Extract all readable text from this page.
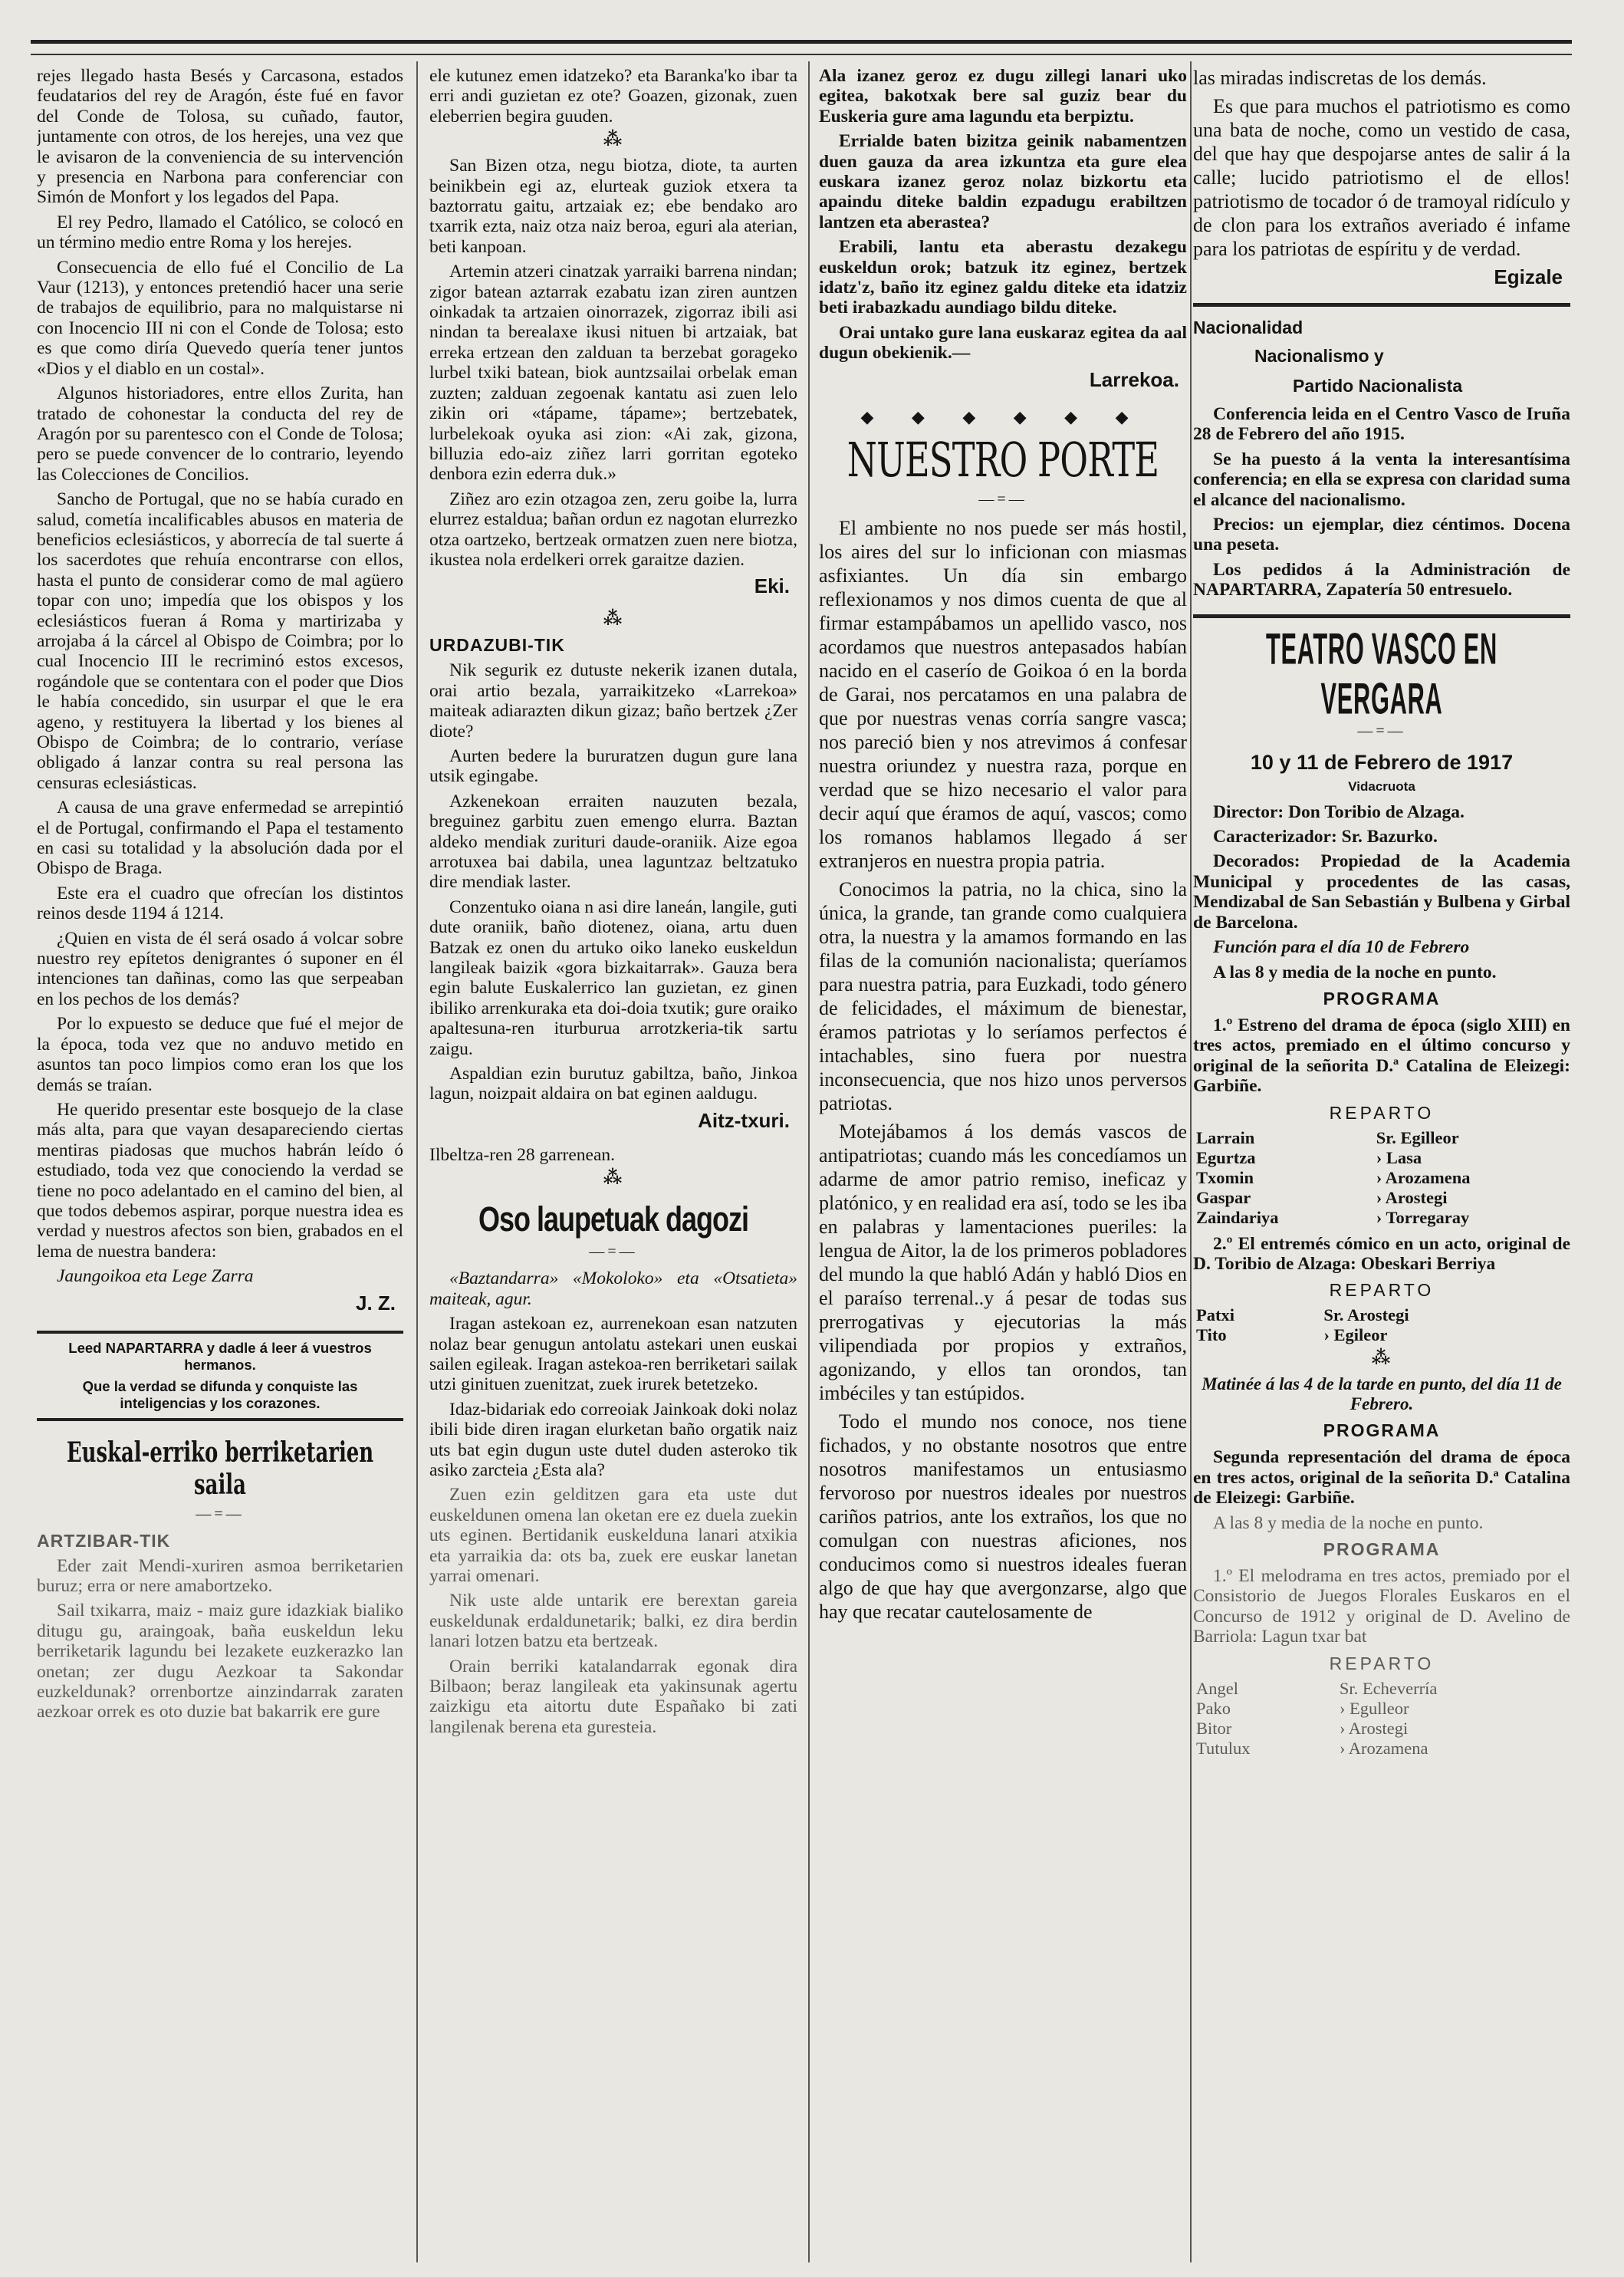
rejes llegado hasta Besés y Carcasona, estados feudatarios del rey de Aragón, éste fué en favor del Conde de Tolosa, su cuñado, fautor, juntamente con otros, de los herejes, una vez que le avisaron de la conveniencia de su intervención y presencia en Narbona para conferenciar con Simón de Monfort y los legados del Papa.

El rey Pedro, llamado el Católico, se colocó en un término medio entre Roma y los herejes.

Consecuencia de ello fué el Concilio de La Vaur (1213), y entonces pretendió hacer una serie de trabajos de equilibrio, para no malquistarse ni con Inocencio III ni con el Conde de Tolosa; esto es que como diría Quevedo quería tener juntos «Dios y el diablo en un costal».

Algunos historiadores, entre ellos Zurita, han tratado de cohonestar la conducta del rey de Aragón por su parentesco con el Conde de Tolosa; pero se puede convencer de lo contrario, leyendo las Colecciones de Concilios.

Sancho de Portugal, que no se había curado en salud, cometía incalificables abusos en materia de beneficios eclesiásticos, y aborrecía de tal suerte á los sacerdotes que rehuía encontrarse con ellos, hasta el punto de considerar como de mal agüero topar con uno; impedía que los obispos y los eclesiásticos fueran á Roma y martirizaba y arrojaba á la cárcel al Obispo de Coimbra; por lo cual Inocencio III le recriminó estos excesos, rogándole que se contentara con el poder que Dios le había concedido, sin usurpar el que le era ageno, y restituyera la libertad y los bienes al Obispo de Coimbra; de lo contrario, veríase obligado á lanzar contra su real persona las censuras eclesiásticas.

A causa de una grave enfermedad se arrepintió el de Portugal, confirmando el Papa el testamento en casi su totalidad y la absolución dada por el Obispo de Braga.

Este era el cuadro que ofrecían los distintos reinos desde 1194 á 1214.

¿Quien en vista de él será osado á volcar sobre nuestro rey epítetos denigrantes ó suponer en él intenciones tan dañinas, como las que serpeaban en los pechos de los demás?

Por lo expuesto se deduce que fué el mejor de la época, toda vez que no anduvo metido en asuntos tan poco limpios como eran los que los demás se traían.

He querido presentar este bosquejo de la clase más alta, para que vayan desapareciendo ciertas mentiras piadosas que muchos habrán leído ó estudiado, toda vez que conociendo la verdad se tiene no poco adelantado en el camino del bien, al que todos debemos aspirar, porque nuestra idea es verdad y nuestros afectos son bien, grabados en el lema de nuestra bandera:

Jaungoikoa eta Lege Zarra

J. Z.
Leed NAPARTARRA y dadle á leer á vuestros hermanos.
Que la verdad se difunda y conquiste las inteligencias y los corazones.
Euskal-erriko berriketarien saila
—=—
ARTZIBAR-TIK

Eder zait Mendi-xuriren asmoa berriketarien buruz; erra or nere amabortzeko.

Sail txikarra, maiz - maiz gure idazkiak bialiko ditugu gu, araingoak, baña euskeldun leku berriketarik lagundu bei lezakete euzkerazko lan onetan; zer dugu Aezkoar ta Sakondar euzkeldunak? orrenbortze ainzindarrak zaraten aezkoar orrek es oto duzie bat bakarrik ere gure

ele kutunez emen idatzeko? eta Baranka'ko ibar ta erri andi guzietan ez ote? Goazen, gizonak, zuen eleberrien begira guuden.

⁂

San Bizen otza, negu biotza, diote, ta aurten beinikbein egi az, elurteak guziok etxera ta baztorratu gaitu, artzaiak ez; ebe bendako aro txarrik ezta, naiz otza naiz beroa, eguri ala aterian, beti kanpoan.

Artemin atzeri cinatzak yarraiki barrena nindan; zigor batean aztarrak ezabatu izan ziren auntzen oinkadak ta artzaien oinorrazek, zigorraz ibili asi nindan ta berealaxe ikusi nituen bi artzaiak, bat erreka ertzean den zalduan ta berzebat gorageko lurbel txiki batean, biok auntzsailai orbelak eman zuzten; zalduan zegoenak kantatu asi zuen lelo zikin ori «tápame, tápame»; bertzebatek, lurbelekoak oyuka asi zion: «Ai zak, gizona, billuzia edo-aiz ziñez larri gorritan egoteko denbora ezin ederra duk.»

Ziñez aro ezin otzagoa zen, zeru goibe la, lurra elurrez estaldua; bañan ordun ez nagotan elurrezko otza oartzeko, bertzeak ormatzen zuen nere biotza, ikustea nola erdelkeri orrek garaitze dazien.

Eki.
⁂
URDAZUBI-TIK

Nik segurik ez dutuste nekerik izanen dutala, orai artio bezala, yarraikitzeko «Larrekoa» maiteak adiarazten dikun gizaz; baño bertzek ¿Zer diote?

Aurten bedere la bururatzen dugun gure lana utsik egingabe.

Azkenekoan erraiten nauzuten bezala, breguinez garbitu zuen emengo elurra. Baztan aldeko mendiak zurituri daude-oraniik. Aize egoa arrotuxea bai dabila, unea laguntzaz beltzatuko dire mendiak laster.

Conzentuko oiana n asi dire laneán, langile, guti dute oraniik, baño diotenez, oiana, artu duen Batzak ez onen du artuko oiko laneko euskeldun langileak baizik «gora bizkaitarrak». Gauza bera egin balute Euskalerrico lan guzietan, ez ginen ibiliko arrenkuraka eta doi-doia txutik; gure oraiko apaltesuna-ren iturburua arrotzkeria-tik sartu zaigu.

Aspaldian ezin burutuz gabiltza, baño, Jinkoa lagun, noizpait aldaira on bat eginen aaldugu.

Aitz-txuri.

Ilbeltza-ren 28 garrenean.

⁂
Oso laupetuak dagozi
—=—

«Baztandarra» «Mokoloko» eta «Otsatieta» maiteak, agur.

Iragan astekoan ez, aurrenekoan esan natzuten nolaz bear genugun antolatu astekari unen euskai sailen egileak. Iragan astekoa-ren berriketari sailak utzi ginituen zuenitzat, zuek irurek betetzeko.

Idaz-bidariak edo correoiak Jainkoak doki nolaz ibili bide diren iragan elurketan baño orgatik naiz uts bat egin dugun uste dutel duden asteroko tik asiko zarcteia ¿Esta ala?

Zuen ezin gelditzen gara eta uste dut euskeldunen omena lan oketan ere ez duela zuekin uts eginen. Bertidanik euskelduna lanari atxikia eta yarraikia da: ots ba, zuek ere euskar lanetan yarrai omenari.

Nik uste alde untarik ere berextan gareia euskeldunak erdaldunetarik; balki, ez dira berdin lanari lotzen batzu eta bertzeak.

Orain berriki katalandarrak egonak dira Bilbaon; beraz langileak eta yakinsunak agertu zaizkigu eta aitortu dute Españako bi zati langilenak berena eta guresteia.

Ala izanez geroz ez dugu zillegi lanari uko egitea, bakotxak bere sal guziz bear du Euskeria gure ama lagundu eta berpiztu.

Errialde baten bizitza geinik nabamentzen duen gauza da area izkuntza eta gure elea euskara izanez geroz nolaz bizkortu eta apaindu diteke baldin ezpadugu erabiltzen lantzen eta aberastea?

Erabili, lantu eta aberastu dezakegu euskeldun orok; batzuk itz eginez, bertzek idatz'z, baño itz eginez galdu diteke eta idatziz beti irabazkadu aundiago bildu diteke.

Orai untako gure lana euskaraz egitea da aal dugun obekienik.—

Larrekoa.
◆ ◆ ◆ ◆ ◆ ◆
NUESTRO PORTE
—=—

El ambiente no nos puede ser más hostil, los aires del sur lo inficionan con miasmas asfixiantes. Un día sin embargo reflexionamos y nos dimos cuenta de que al firmar estampábamos un apellido vasco, nos acordamos que nuestros antepasados habían nacido en el caserío de Goikoa ó en la borda de Garai, nos percatamos en una palabra de que por nuestras venas corría sangre vasca; nos pareció bien y nos atrevimos á confesar nuestra oriundez y nuestra raza, porque en verdad que se hizo necesario el valor para decir aquí que éramos de aquí, vascos; como los romanos hablamos llegado á ser extranjeros en nuestra propia patria.

Conocimos la patria, no la chica, sino la única, la grande, tan grande como cualquiera otra, la nuestra y la amamos formando en las filas de la comunión nacionalista; queríamos para nuestra patria, para Euzkadi, todo género de felicidades, el máximum de bienestar, éramos patriotas y lo seríamos perfectos é intachables, sino fuera por nuestra inconsecuencia, que nos hizo unos perversos patriotas.

Motejábamos á los demás vascos de antipatriotas; cuando más les concedíamos un adarme de amor patrio remiso, ineficaz y platónico, y en realidad era así, todo se les iba en palabras y lamentaciones pueriles: la lengua de Aitor, la de los primeros pobladores del mundo la que habló Adán y habló Dios en el paraíso terrenal..y á pesar de todas sus prerrogativas y ejecutorias la más vilipendiada por propios y extraños, agonizando, y ellos tan orondos, tan imbéciles y tan estúpidos.

Todo el mundo nos conoce, nos tiene fichados, y no obstante nosotros que entre nosotros manifestamos un entusiasmo fervoroso por nuestros ideales por nuestros cariños patrios, ante los extraños, los que no comulgan con nuestras aficiones, nos conducimos como si nuestros ideales fueran algo de que hay que avergonzarse, algo que hay que recatar cautelosamente de

las miradas indiscretas de los demás.

Es que para muchos el patriotismo es como una bata de noche, como un vestido de casa, del que hay que despojarse antes de salir á la calle; lucido patriotismo el de ellos! patriotismo de tocador ó de tramoyal ridículo y de clon para los extraños averiado é infame para los patriotas de espíritu y de verdad.

Egizale
Nacionalidad
Nacionalismo y
Partido Nacionalista

Conferencia leida en el Centro Vasco de Iruña 28 de Febrero del año 1915.

Se ha puesto á la venta la interesantísima conferencia; en ella se expresa con claridad suma el alcance del nacionalismo.

Precios: un ejemplar, diez céntimos. Docena una peseta.

Los pedidos á la Administración de NAPARTARRA, Zapatería 50 entresuelo.

TEATRO VASCO EN VERGARA
—=—
10 y 11 de Febrero de 1917
Vidacruota

Director: Don Toribio de Alzaga.

Caracterizador: Sr. Bazurko.

Decorados: Propiedad de la Academia Municipal y procedentes de las casas, Mendizabal de San Sebastián y Bulbena y Girbal de Barcelona.

Función para el día 10 de Febrero

A las 8 y media de la noche en punto.

PROGRAMA

1.º Estreno del drama de época (siglo XIII) en tres actos, premiado en el último concurso y original de la señorita D.ª Catalina de Eleizegi: Garbiñe.

REPARTO
Larrain	Sr. Egilleor
Egurtza	› Lasa
Txomin	› Arozamena
Gaspar	› Arostegi
Zaindariya	› Torregaray

2.º El entremés cómico en un acto, original de D. Toribio de Alzaga: Obeskari Berriya

REPARTO
Patxi	Sr. Arostegi
Tito	› Egileor
⁂
Matinée á las 4 de la tarde en punto, del día 11 de Febrero.
PROGRAMA

Segunda representación del drama de época en tres actos, original de la señorita D.ª Catalina de Eleizegi: Garbiñe.

A las 8 y media de la noche en punto.

PROGRAMA

1.º El melodrama en tres actos, premiado por el Consistorio de Juegos Florales Euskaros en el Concurso de 1912 y original de D. Avelino de Barriola: Lagun txar bat

REPARTO
Angel	Sr. Echeverría
Pako	› Egulleor
Bitor	› Arostegi
Tutulux	› Arozamena
